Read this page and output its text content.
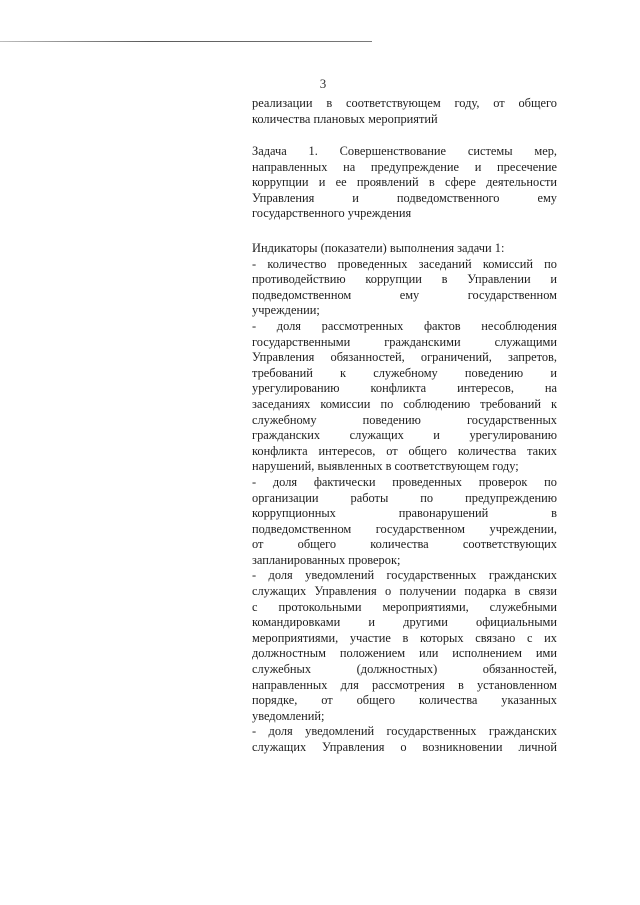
3
реализации в соответствующем году, от общего
количества плановых мероприятий
Задача 1. Совершенствование системы мер,
направленных на предупреждение и пресечение
коррупции и ее проявлений в сфере деятельности
Управления и подведомственного ему
государственного учреждения
Индикаторы (показатели) выполнения задачи 1:
- количество проведенных заседаний комиссий по
противодействию коррупции в Управлении и
подведомственном ему государственном
учреждении;
- доля рассмотренных фактов несоблюдения
государственными гражданскими служащими
Управления обязанностей, ограничений, запретов,
требований к служебному поведению и
урегулированию конфликта интересов, на
заседаниях комиссии по соблюдению требований к
служебному поведению государственных
гражданских служащих и урегулированию
конфликта интересов, от общего количества таких
нарушений, выявленных в соответствующем году;
- доля фактически проведенных проверок по
организации работы по предупреждению
коррупционных правонарушений в
подведомственном государственном учреждении,
от общего количества соответствующих
запланированных проверок;
- доля уведомлений государственных гражданских
служащих Управления о получении подарка в связи
с протокольными мероприятиями, служебными
командировками и другими официальными
мероприятиями, участие в которых связано с их
должностным положением или исполнением ими
служебных (должностных) обязанностей,
направленных для рассмотрения в установленном
порядке, от общего количества указанных
уведомлений;
- доля уведомлений государственных гражданских
служащих Управления о возникновении личной
